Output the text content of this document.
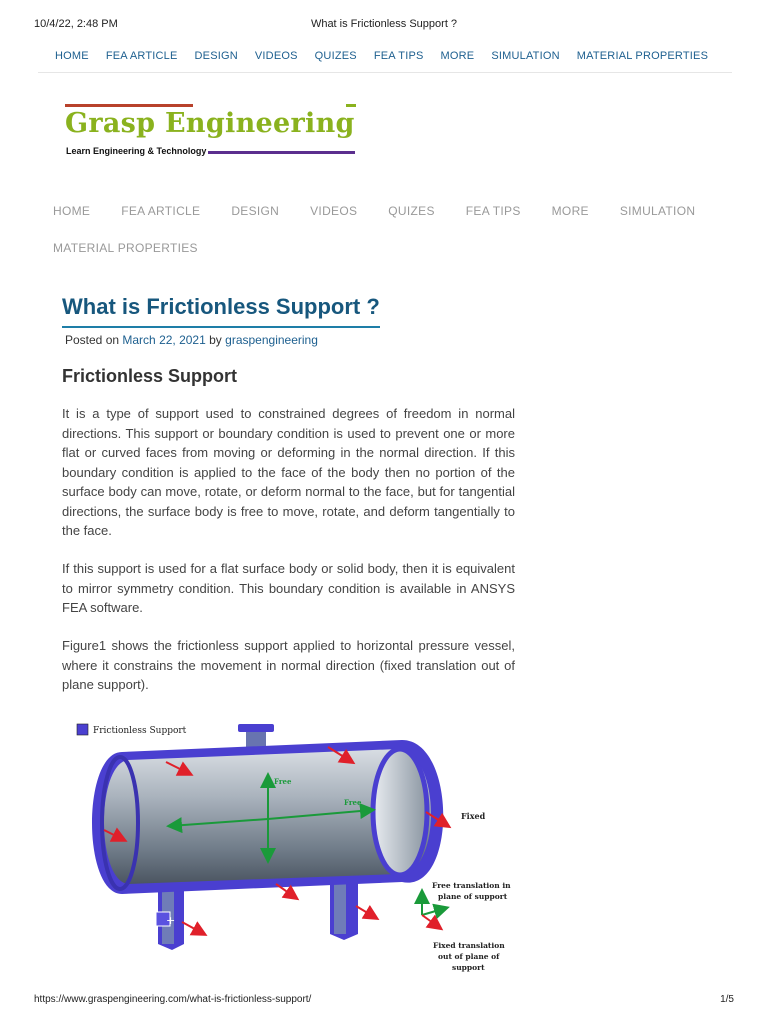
10/4/22, 2:48 PM	What is Frictionless Support ?
HOME FEA ARTICLE DESIGN VIDEOS QUIZES FEA TIPS MORE SIMULATION MATERIAL PROPERTIES
Grasp Engineering
Learn Engineering & Technology
HOME	FEA ARTICLE	DESIGN	VIDEOS	QUIZES	FEA TIPS	MORE	SIMULATION
MATERIAL PROPERTIES
What is Frictionless Support ?
Posted on March 22, 2021 by graspengineering
Frictionless Support

It is a type of support used to constrained degrees of freedom in normal directions. This support or boundary condition is used to prevent one or more flat or curved faces from moving or deforming in the normal direction. If this boundary condition is applied to the face of the body then no portion of the surface body can move, rotate, or deform normal to the face, but for tangential directions, the surface body is free to move, rotate, and deform tangentially to the face.

If this support is used for a flat surface body or solid body, then it is equivalent to mirror symmetry condition. This boundary condition is available in ANSYS FEA software.

Figure1 shows the frictionless support applied to horizontal pressure vessel, where it constrains the movement in normal direction (fixed translation out of plane support).

Frictionless Support
Free
Free
+
Fixed
Free translation in
plane of support
Fixed translation
out of plane of
support
https://www.graspengineering.com/what-is-frictionless-support/	1/5
